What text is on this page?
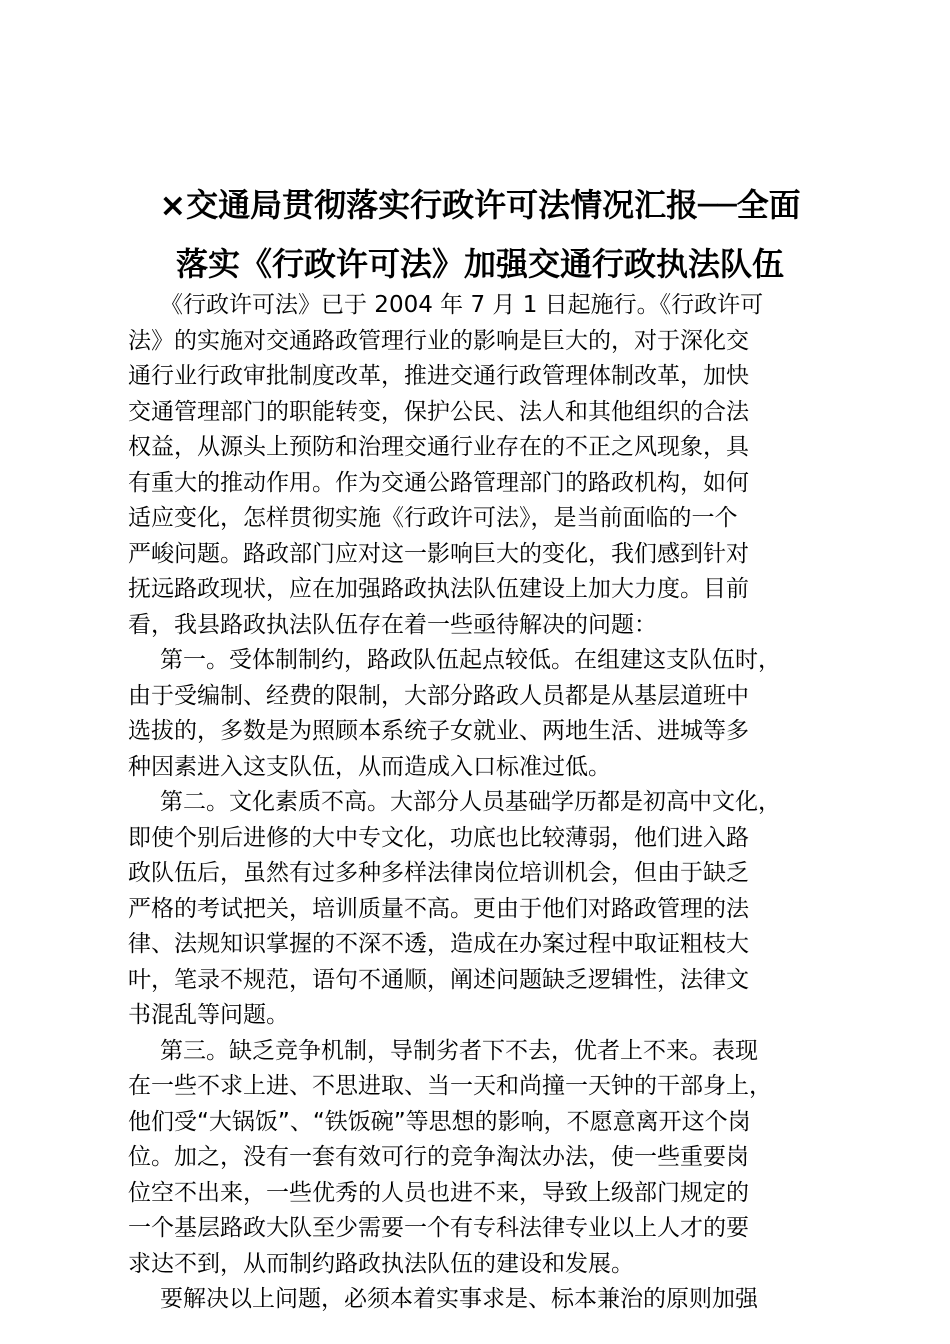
×交通局贯彻落实行政许可法情况汇报──全面
落实《行政许可法》加强交通行政执法队伍
《行政许可法》已于 2004 年 7 月 1 日起施行。《行政许可
法》的实施对交通路政管理行业的影响是巨大的，对于深化交
通行业行政审批制度改革，推进交通行政管理体制改革，加快
交通管理部门的职能转变，保护公民、法人和其他组织的合法
权益，从源头上预防和治理交通行业存在的不正之风现象，具
有重大的推动作用。作为交通公路管理部门的路政机构，如何
适应变化，怎样贯彻实施《行政许可法》，是当前面临的一个
严峻问题。路政部门应对这一影响巨大的变化，我们感到针对
抚远路政现状，应在加强路政执法队伍建设上加大力度。目前
看，我县路政执法队伍存在着一些亟待解决的问题：
第一。受体制制约，路政队伍起点较低。在组建这支队伍时，
由于受编制、经费的限制，大部分路政人员都是从基层道班中
选拔的，多数是为照顾本系统子女就业、两地生活、进城等多
种因素进入这支队伍，从而造成入口标准过低。
第二。文化素质不高。大部分人员基础学历都是初高中文化，
即使个别后进修的大中专文化，功底也比较薄弱，他们进入路
政队伍后，虽然有过多种多样法律岗位培训机会，但由于缺乏
严格的考试把关，培训质量不高。更由于他们对路政管理的法
律、法规知识掌握的不深不透，造成在办案过程中取证粗枝大
叶，笔录不规范，语句不通顺，阐述问题缺乏逻辑性，法律文
书混乱等问题。
第三。缺乏竞争机制，导制劣者下不去，优者上不来。表现
在一些不求上进、不思进取、当一天和尚撞一天钟的干部身上，
他们受“大锅饭”、“铁饭碗”等思想的影响，不愿意离开这个岗
位。加之，没有一套有效可行的竞争淘汰办法，使一些重要岗
位空不出来，一些优秀的人员也进不来，导致上级部门规定的
一个基层路政大队至少需要一个有专科法律专业以上人才的要
求达不到，从而制约路政执法队伍的建设和发展。
要解决以上问题，必须本着实事求是、标本兼治的原则加强
